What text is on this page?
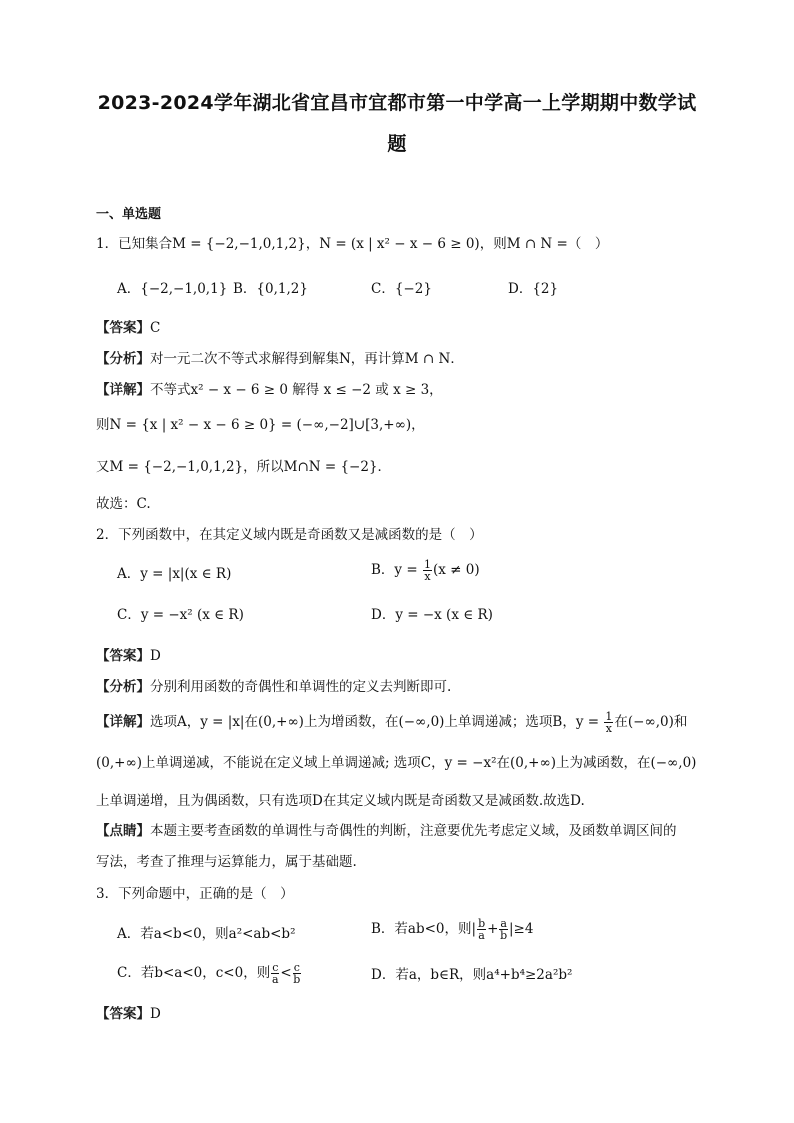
2023-2024学年湖北省宜昌市宜都市第一中学高一上学期期中数学试
题
一、单选题
1．已知集合M = {−2,−1,0,1,2}，N = (x | x² − x − 6 ≥ 0)，则M ∩ N =（　）
A．{−2,−1,0,1} B．{0,1,2}	C．{−2}	D．{2}
【答案】C
【分析】对一元二次不等式求解得到解集N，再计算M ∩ N．
【详解】不等式x² − x − 6 ≥ 0 解得 x ≤ −2 或 x ≥ 3，
则N = {x | x² − x − 6 ≥ 0} = (−∞,−2]∪[3,+∞)，
又M = {−2,−1,0,1,2}，所以M∩N = {−2}．
故选：C.
2．下列函数中，在其定义域内既是奇函数又是减函数的是（　）
A．y = |x|(x ∈ R)	B．$y = \frac{1}{x} (x \ne 0)$
C．y = −x² (x ∈ R)	D．y = −x (x ∈ R)
【答案】D
【分析】分别利用函数的奇偶性和单调性的定义去判断即可.
【详解】选项A，y = |x|在(0,+∞)上为增函数，在(−∞,0)上单调递减；选项B，$y = \frac{1}{x}$ 在(−∞,0)和
(0,+∞)上单调递减，不能说在定义域上单调递减; 选项C，y = −x²在(0,+∞)上为减函数，在(−∞,0)
上单调递增，且为偶函数，只有选项D在其定义域内既是奇函数又是减函数.故选D.
【点睛】本题主要考查函数的单调性与奇偶性的判断，注意要优先考虑定义域，及函数单调区间的
写法，考查了推理与运算能力，属于基础题.
3．下列命题中，正确的是（　）
A．若a<b<0，则a²<ab<b²	B．若ab<0，则| $\frac{b}{a} + \frac{a}{b} |\ge 4$
C．若b<a<0，c<0，则 $\frac{c}{a} < \frac{c}{b}$	D．若a，b∈R，则a⁴+b⁴≥2a²b²
【答案】D
